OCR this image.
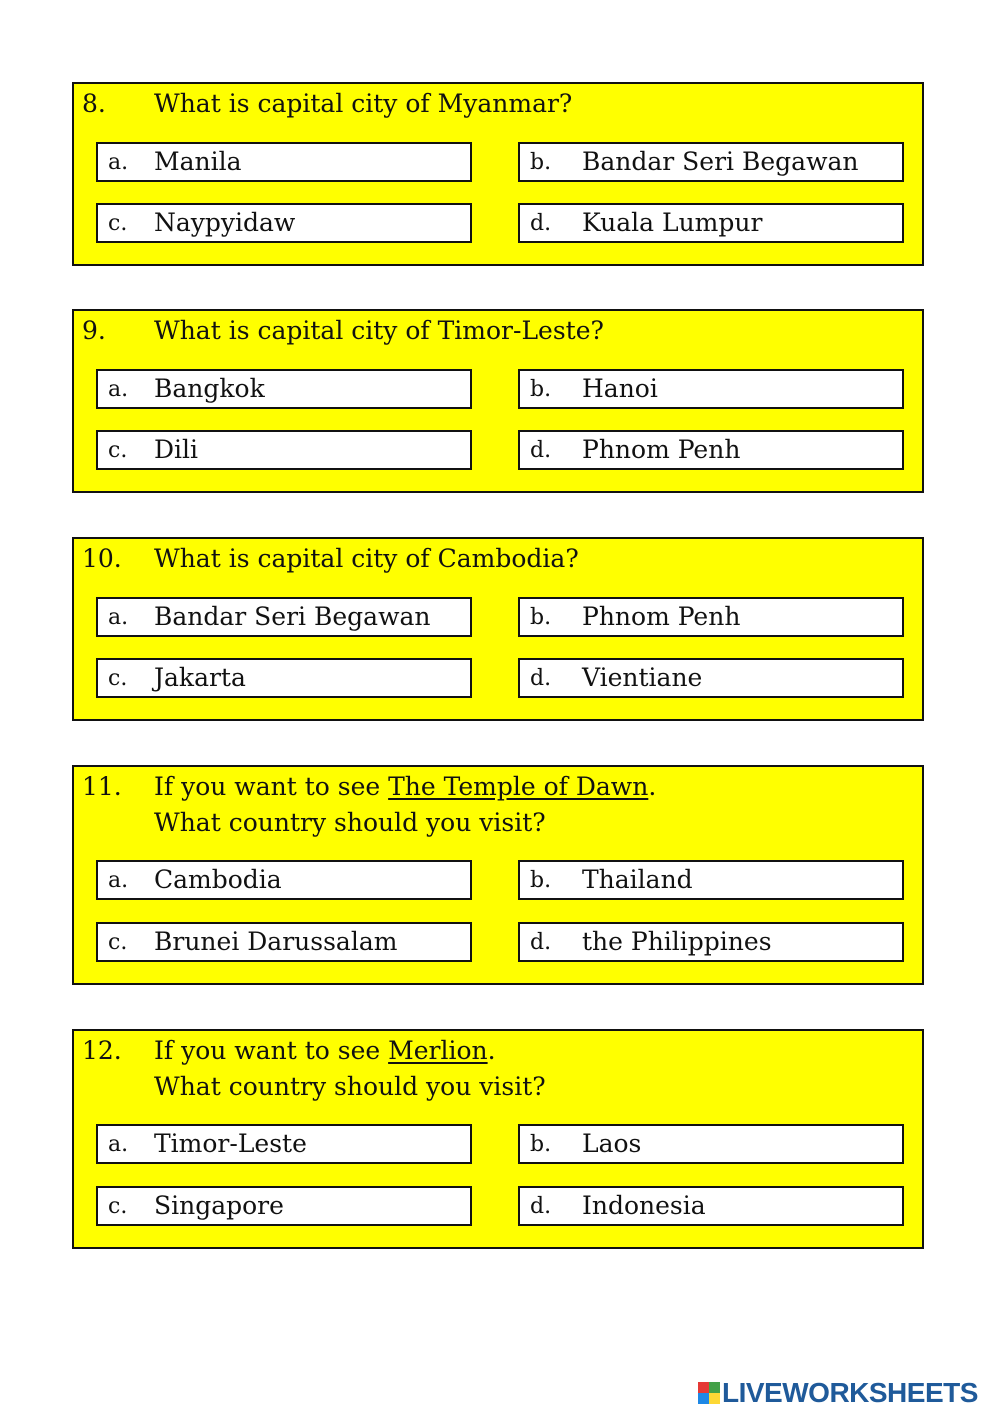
8. What is capital city of Myanmar?
a. Manila	b. Bandar Seri Begawan
c. Naypyidaw	d. Kuala Lumpur
9. What is capital city of Timor-Leste?
a. Bangkok	b. Hanoi
c. Dili	d. Phnom Penh
10. What is capital city of Cambodia?
a. Bandar Seri Begawan	b. Phnom Penh
c. Jakarta	d. Vientiane
11. If you want to see The Temple of Dawn.
What country should you visit?
a. Cambodia	b. Thailand
c. Brunei Darussalam	d. the Philippines
12. If you want to see Merlion.
What country should you visit?
a. Timor-Leste	b. Laos
c. Singapore	d. Indonesia
LIVEWORKSHEETS
